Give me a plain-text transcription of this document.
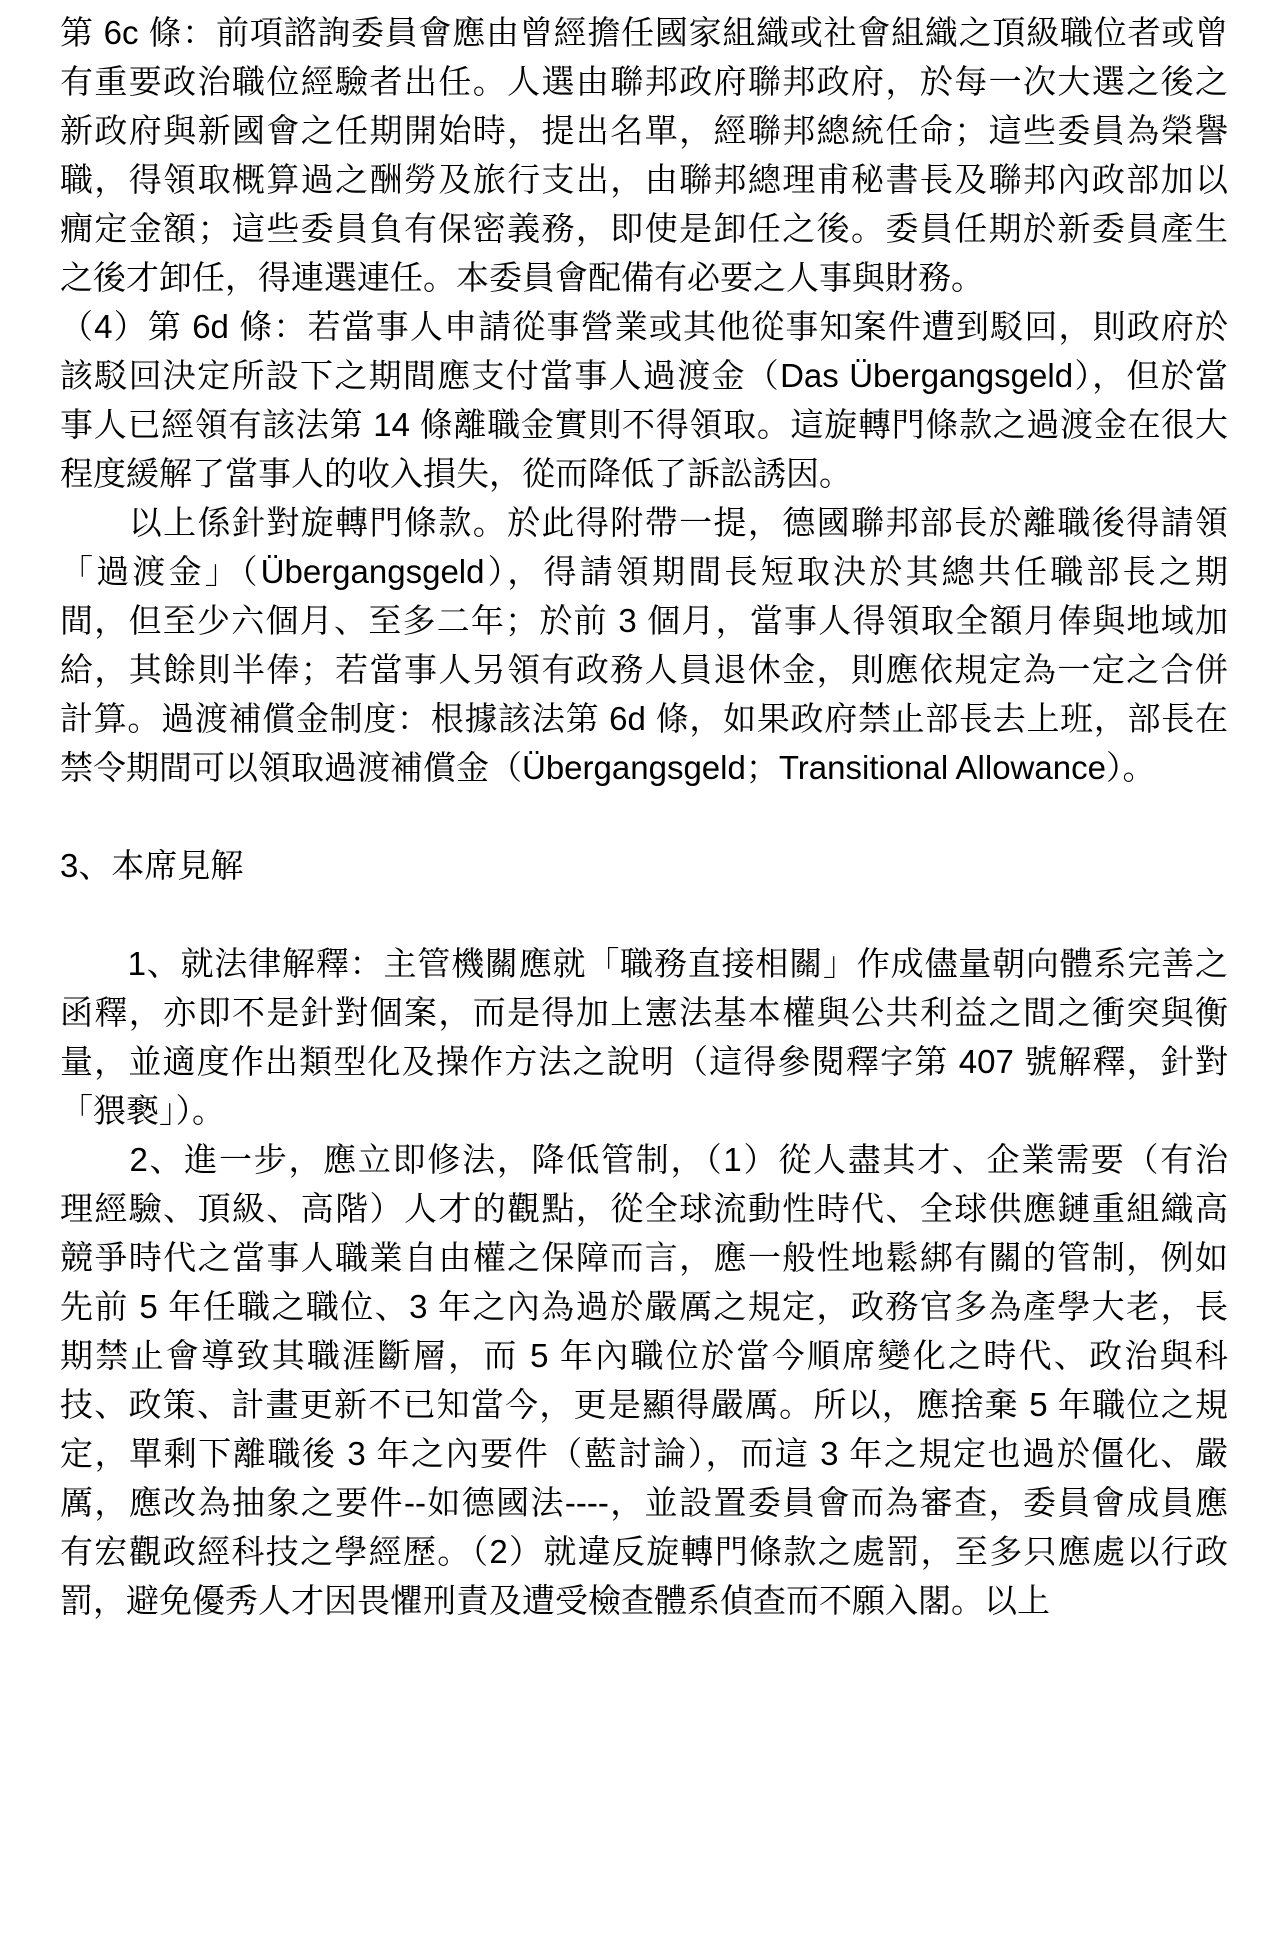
第 6c 條：前項諮詢委員會應由曾經擔任國家組織或社會組織之頂級職位者或曾
有重要政治職位經驗者出任。人選由聯邦政府聯邦政府，於每一次大選之後之
新政府與新國會之任期開始時，提出名單，經聯邦總統任命；這些委員為榮譽
職，得領取概算過之酬勞及旅行支出，由聯邦總理甫秘書長及聯邦內政部加以
癇定金額；這些委員負有保密義務，即使是卸任之後。委員任期於新委員產生
之後才卸任，得連選連任。本委員會配備有必要之人事與財務。
（4）第 6d 條：若當事人申請從事營業或其他從事知案件遭到駁回，則政府於
該駁回決定所設下之期間應支付當事人過渡金（Das Übergangsgeld），但於當
事人已經領有該法第 14 條離職金實則不得領取。這旋轉門條款之過渡金在很大
程度緩解了當事人的收入損失，從而降低了訴訟誘因。
　　以上係針對旋轉門條款。於此得附帶一提，德國聯邦部長於離職後得請領
「過渡金」（Übergangsgeld），得請領期間長短取決於其總共任職部長之期
間，但至少六個月、至多二年；於前 3 個月，當事人得領取全額月俸與地域加
給，其餘則半俸；若當事人另領有政務人員退休金，則應依規定為一定之合併
計算。過渡補償金制度：根據該法第 6d 條，如果政府禁止部長去上班，部長在
禁令期間可以領取過渡補償金（Übergangsgeld；Transitional Allowance）。
3、本席見解
　　1、就法律解釋：主管機關應就「職務直接相關」作成儘量朝向體系完善之
函釋，亦即不是針對個案，而是得加上憲法基本權與公共利益之間之衝突與衡
量，並適度作出類型化及操作方法之說明（這得參閱釋字第 407 號解釋，針對
「猥褻」）。
　　2、進一步，應立即修法，降低管制，（1）從人盡其才、企業需要（有治
理經驗、頂級、高階）人才的觀點，從全球流動性時代、全球供應鏈重組織高
競爭時代之當事人職業自由權之保障而言，應一般性地鬆綁有關的管制，例如
先前 5 年任職之職位、3 年之內為過於嚴厲之規定，政務官多為產學大老，長
期禁止會導致其職涯斷層，而 5 年內職位於當今順席變化之時代、政治與科
技、政策、計畫更新不已知當今，更是顯得嚴厲。所以，應捨棄 5 年職位之規
定，單剩下離職後 3 年之內要件（藍討論），而這 3 年之規定也過於僵化、嚴
厲，應改為抽象之要件--如德國法----，並設置委員會而為審查，委員會成員應
有宏觀政經科技之學經歷。（2）就違反旋轉門條款之處罰，至多只應處以行政
罰，避免優秀人才因畏懼刑責及遭受檢查體系偵查而不願入閣。以上
